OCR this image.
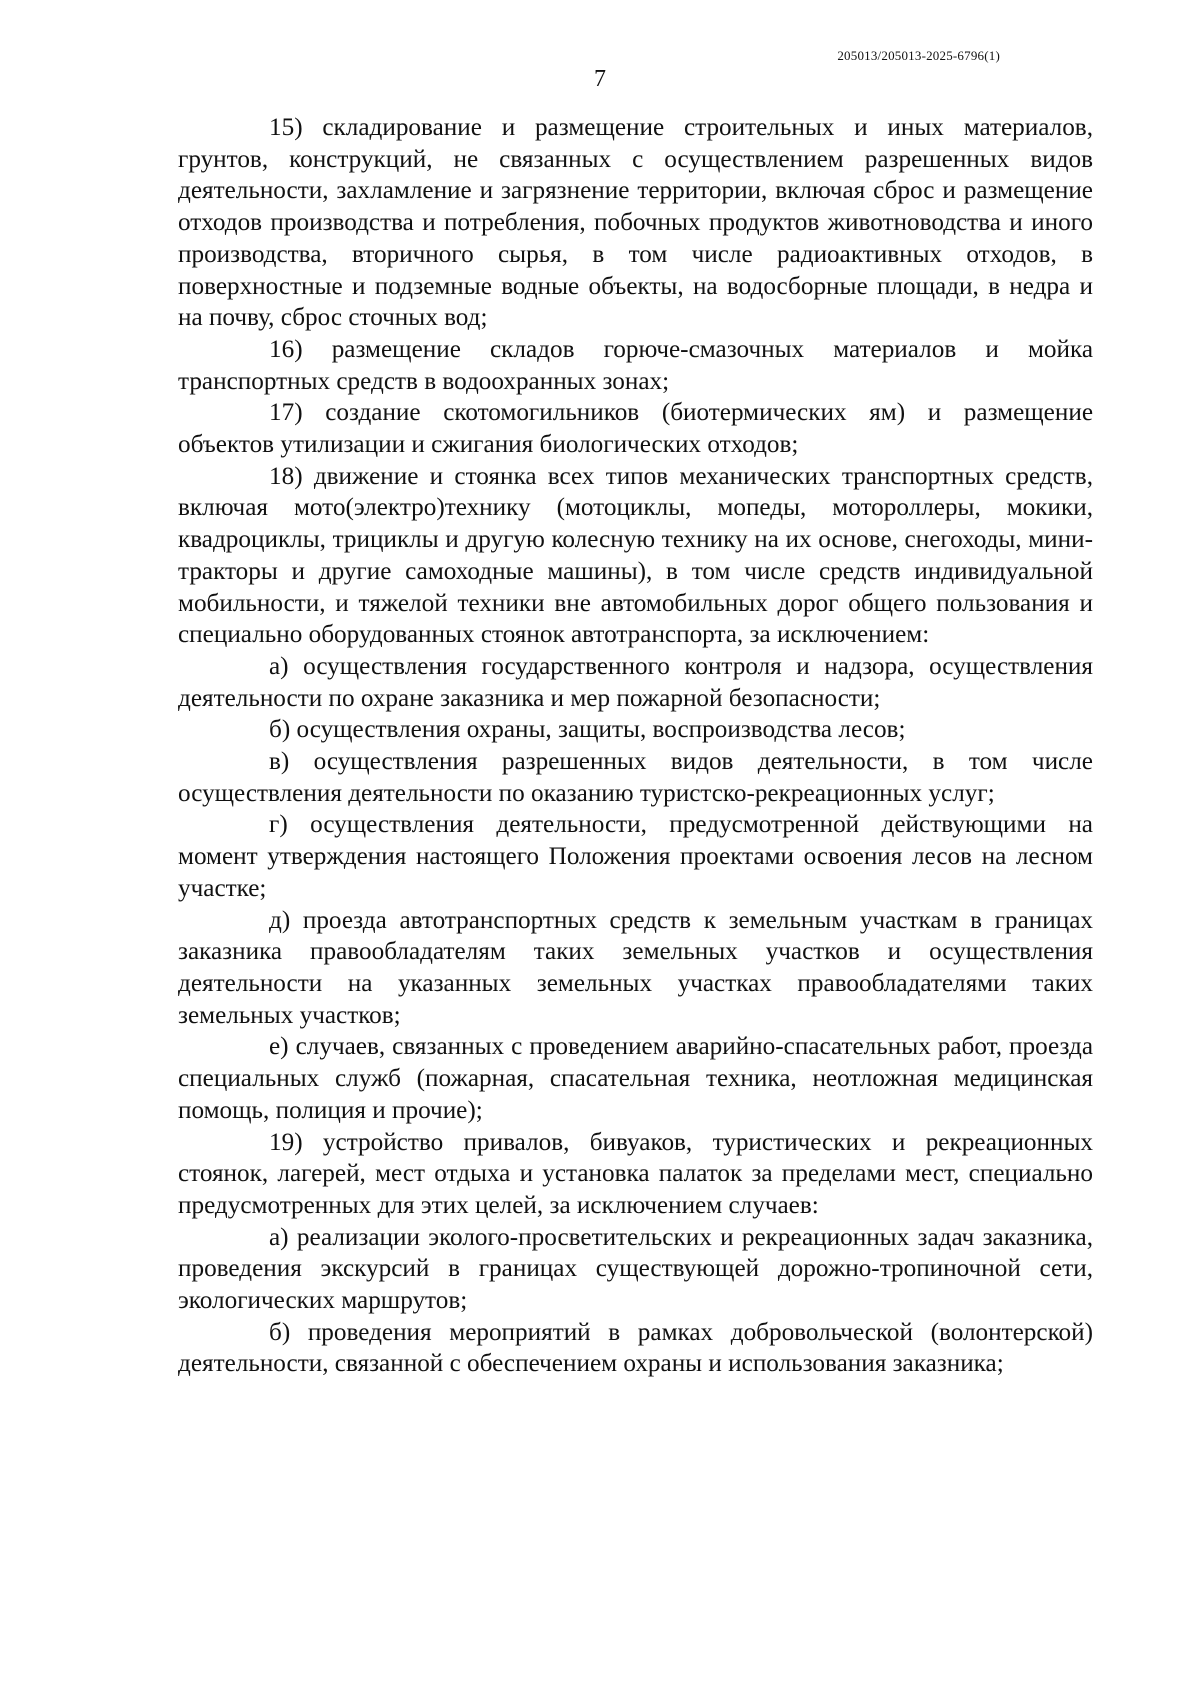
205013/205013-2025-6796(1)
7

15) складирование и размещение строительных и иных материалов, грунтов, конструкций, не связанных с осуществлением разрешенных видов деятельности, захламление и загрязнение территории, включая сброс и размещение отходов производства и потребления, побочных продуктов животноводства и иного производства, вторичного сырья, в том числе радиоактивных отходов, в поверхностные и подземные водные объекты, на водосборные площади, в недра и на почву, сброс сточных вод;

16) размещение складов горюче-смазочных материалов и мойка транспортных средств в водоохранных зонах;

17) создание скотомогильников (биотермических ям) и размещение объектов утилизации и сжигания биологических отходов;

18) движение и стоянка всех типов механических транспортных средств, включая мото(электро)технику (мотоциклы, мопеды, мотороллеры, мокики, квадроциклы, трициклы и другую колесную технику на их основе, снегоходы, мини-тракторы и другие самоходные машины), в том числе средств индивидуальной мобильности, и тяжелой техники вне автомобильных дорог общего пользования и специально оборудованных стоянок автотранспорта, за исключением:

а) осуществления государственного контроля и надзора, осуществления деятельности по охране заказника и мер пожарной безопасности;

б) осуществления охраны, защиты, воспроизводства лесов;

в) осуществления разрешенных видов деятельности, в том числе осуществления деятельности по оказанию туристско-рекреационных услуг;

г) осуществления деятельности, предусмотренной действующими на момент утверждения настоящего Положения проектами освоения лесов на лесном участке;

д) проезда автотранспортных средств к земельным участкам в границах заказника правообладателям таких земельных участков и осуществления деятельности на указанных земельных участках правообладателями таких земельных участков;

е) случаев, связанных с проведением аварийно-спасательных работ, проезда специальных служб (пожарная, спасательная техника, неотложная медицинская помощь, полиция и прочие);

19) устройство привалов, бивуаков, туристических и рекреационных стоянок, лагерей, мест отдыха и установка палаток за пределами мест, специально предусмотренных для этих целей, за исключением случаев:

а) реализации эколого-просветительских и рекреационных задач заказника, проведения экскурсий в границах существующей дорожно-тропиночной сети, экологических маршрутов;

б) проведения мероприятий в рамках добровольческой (волонтерской) деятельности, связанной с обеспечением охраны и использования заказника;
